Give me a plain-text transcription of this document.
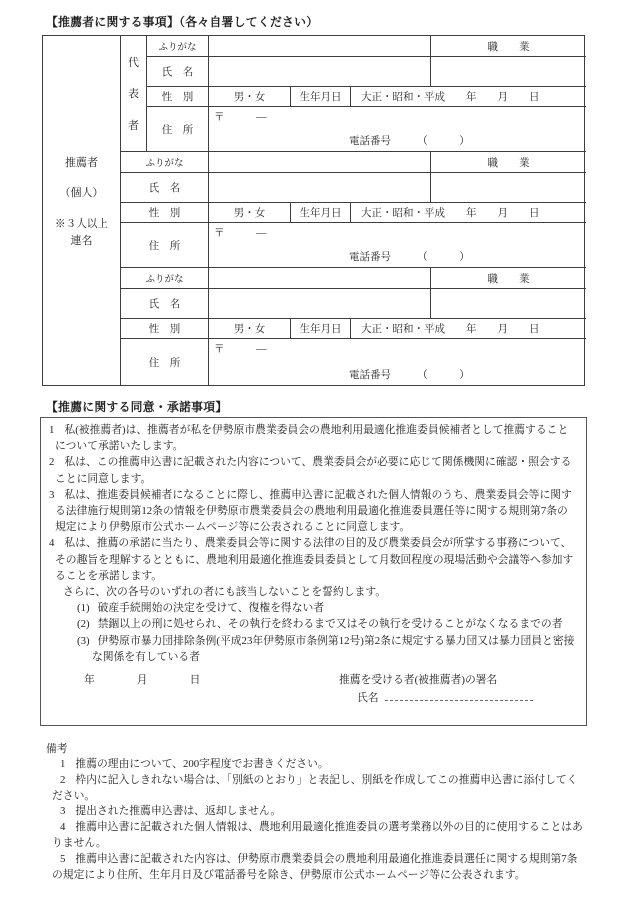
【推薦者に関する事項】（各々自署してください）
推薦者
（個人）
※３人以上
連名
代
表
者
ふりがな	職　　業
氏　名
性　別	男・女	生年月日	大正・昭和・平成　　年　　月　　日
住　所
〒　　　―
電話番号　　　（　　　）
ふりがな	職　　業
氏　名
性　別	男・女	生年月日	大正・昭和・平成　　年　　月　　日
住　所
〒　　　―
電話番号　　　（　　　）
ふりがな	職　　業
氏　名
性　別	男・女	生年月日	大正・昭和・平成　　年　　月　　日
住　所
〒　　　―
電話番号　　　（　　　）
【推薦に関する同意・承諾事項】

1 私(被推薦者)は、推薦者が私を伊勢原市農業委員会の農地利用最適化推進委員候補者として推薦することについて承諾いたします。

2 私は、この推薦申込書に記載された内容について、農業委員会が必要に応じて関係機関に確認・照会することに同意します。

3 私は、推進委員候補者になることに際し、推薦申込書に記載された個人情報のうち、農業委員会等に関する法律施行規則第12条の情報を伊勢原市農業委員会の農地利用最適化推進委員選任等に関する規則第7条の規定により伊勢原市公式ホームページ等に公表されることに同意します。

4 私は、推薦の承諾に当たり、農業委員会等に関する法律の目的及び農業委員会が所掌する事務について、その趣旨を理解するとともに、農地利用最適化推進委員委員として月数回程度の現場活動や会議等へ参加することを承諾します。

さらに、次の各号のいずれの者にも該当しないことを誓約します。

(1) 破産手続開始の決定を受けて、復権を得ない者

(2) 禁錮以上の刑に処せられ、その執行を終わるまで又はその執行を受けることがなくなるまでの者

(3) 伊勢原市暴力団排除条例(平成23年伊勢原市条例第12号)第2条に規定する暴力団又は暴力団員と密接な関係を有している者

年	月	日	推薦を受ける者(被推薦者)の署名
氏名
備考

1 推薦の理由について、200字程度でお書きください。

2 枠内に記入しきれない場合は、「別紙のとおり」と表記し、別紙を作成してこの推薦申込書に添付してください。

3 提出された推薦申込書は、返却しません。

4 推薦申込書に記載された個人情報は、農地利用最適化推進委員の選考業務以外の目的に使用することはありません。

5 推薦申込書に記載された内容は、伊勢原市農業委員会の農地利用最適化推進委員選任に関する規則第7条の規定により住所、生年月日及び電話番号を除き、伊勢原市公式ホームページ等に公表されます。
